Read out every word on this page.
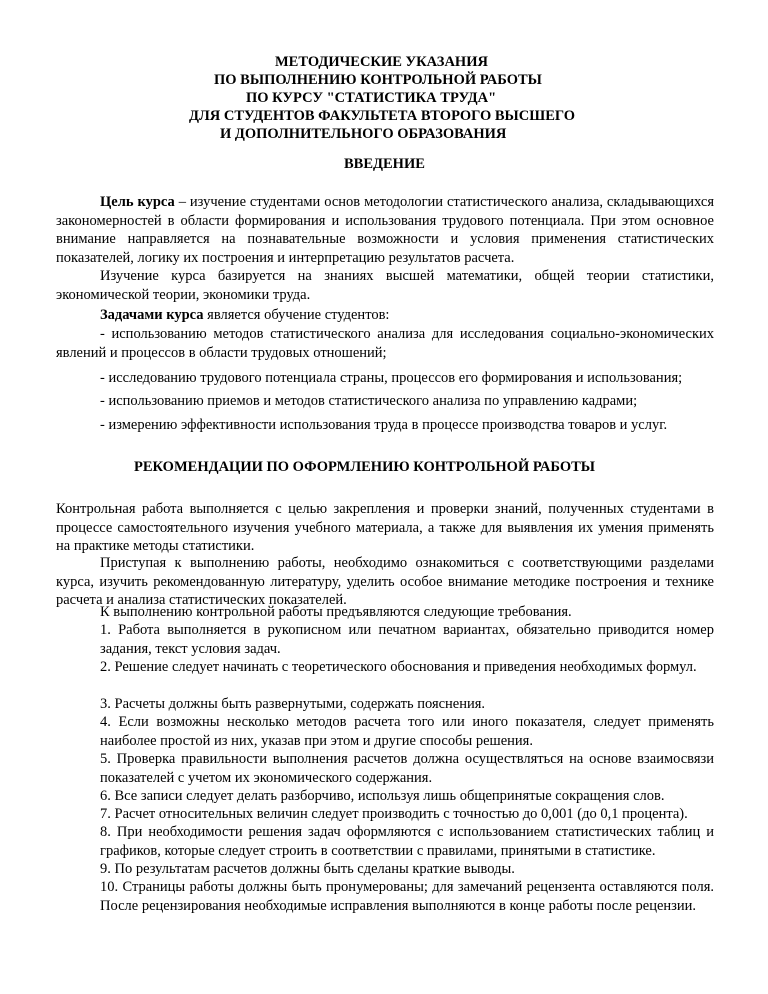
МЕТОДИЧЕСКИЕ УКАЗАНИЯ
ПО ВЫПОЛНЕНИЮ КОНТРОЛЬНОЙ РАБОТЫ
ПО КУРСУ "СТАТИСТИКА ТРУДА"
ДЛЯ СТУДЕНТОВ ФАКУЛЬТЕТА ВТОРОГО ВЫСШЕГО
И ДОПОЛНИТЕЛЬНОГО ОБРАЗОВАНИЯ
ВВЕДЕНИЕ
Цель курса – изучение студентами основ методологии статистического анализа, складывающихся закономерностей в области формирования и использования трудового потенциала. При этом основное внимание направляется на познавательные возможности и условия применения статистических показателей, логику их построения и интерпретацию результатов расчета.
Изучение курса базируется на знаниях высшей математики, общей теории статистики, экономической теории, экономики труда.
Задачами курса является обучение студентов:
- использованию методов статистического анализа для исследования социально-экономических явлений и процессов в области трудовых отношений;
- исследованию трудового потенциала страны, процессов его формирования и использования;
- использованию приемов и методов статистического анализа по управлению кадрами;
- измерению эффективности использования труда в процессе производства товаров и услуг.
РЕКОМЕНДАЦИИ ПО ОФОРМЛЕНИЮ КОНТРОЛЬНОЙ РАБОТЫ
Контрольная работа выполняется с целью закрепления и проверки знаний, полученных студентами в процессе самостоятельного изучения учебного материала, а также для выявления их умения применять на практике методы статистики.
Приступая к выполнению работы, необходимо ознакомиться с соответствующими разделами курса, изучить рекомендованную литературу, уделить особое внимание методике построения и технике расчета и анализа статистических показателей.
К выполнению контрольной работы предъявляются следующие требования.
1. Работа выполняется в рукописном или печатном вариантах, обязательно приводится номер задания, текст условия задач.
2. Решение следует начинать с теоретического обоснования и приведения необходимых формул.
3. Расчеты должны быть развернутыми, содержать пояснения.
4. Если возможны несколько методов расчета того или иного показателя, следует применять наиболее простой из них, указав при этом и другие способы решения.
5. Проверка правильности выполнения расчетов должна осуществляться на основе взаимосвязи показателей с учетом их экономического содержания.
6. Все записи следует делать разборчиво, используя лишь общепринятые сокращения слов.
7. Расчет относительных величин следует производить с точностью до 0,001 (до 0,1 процента).
8. При необходимости решения задач оформляются с использованием статистических таблиц и графиков, которые следует строить в соответствии с правилами, принятыми в статистике.
9. По результатам расчетов должны быть сделаны краткие выводы.
10. Страницы работы должны быть пронумерованы; для замечаний рецензента оставляются поля. После рецензирования необходимые исправления выполняются в конце работы после рецензии.
